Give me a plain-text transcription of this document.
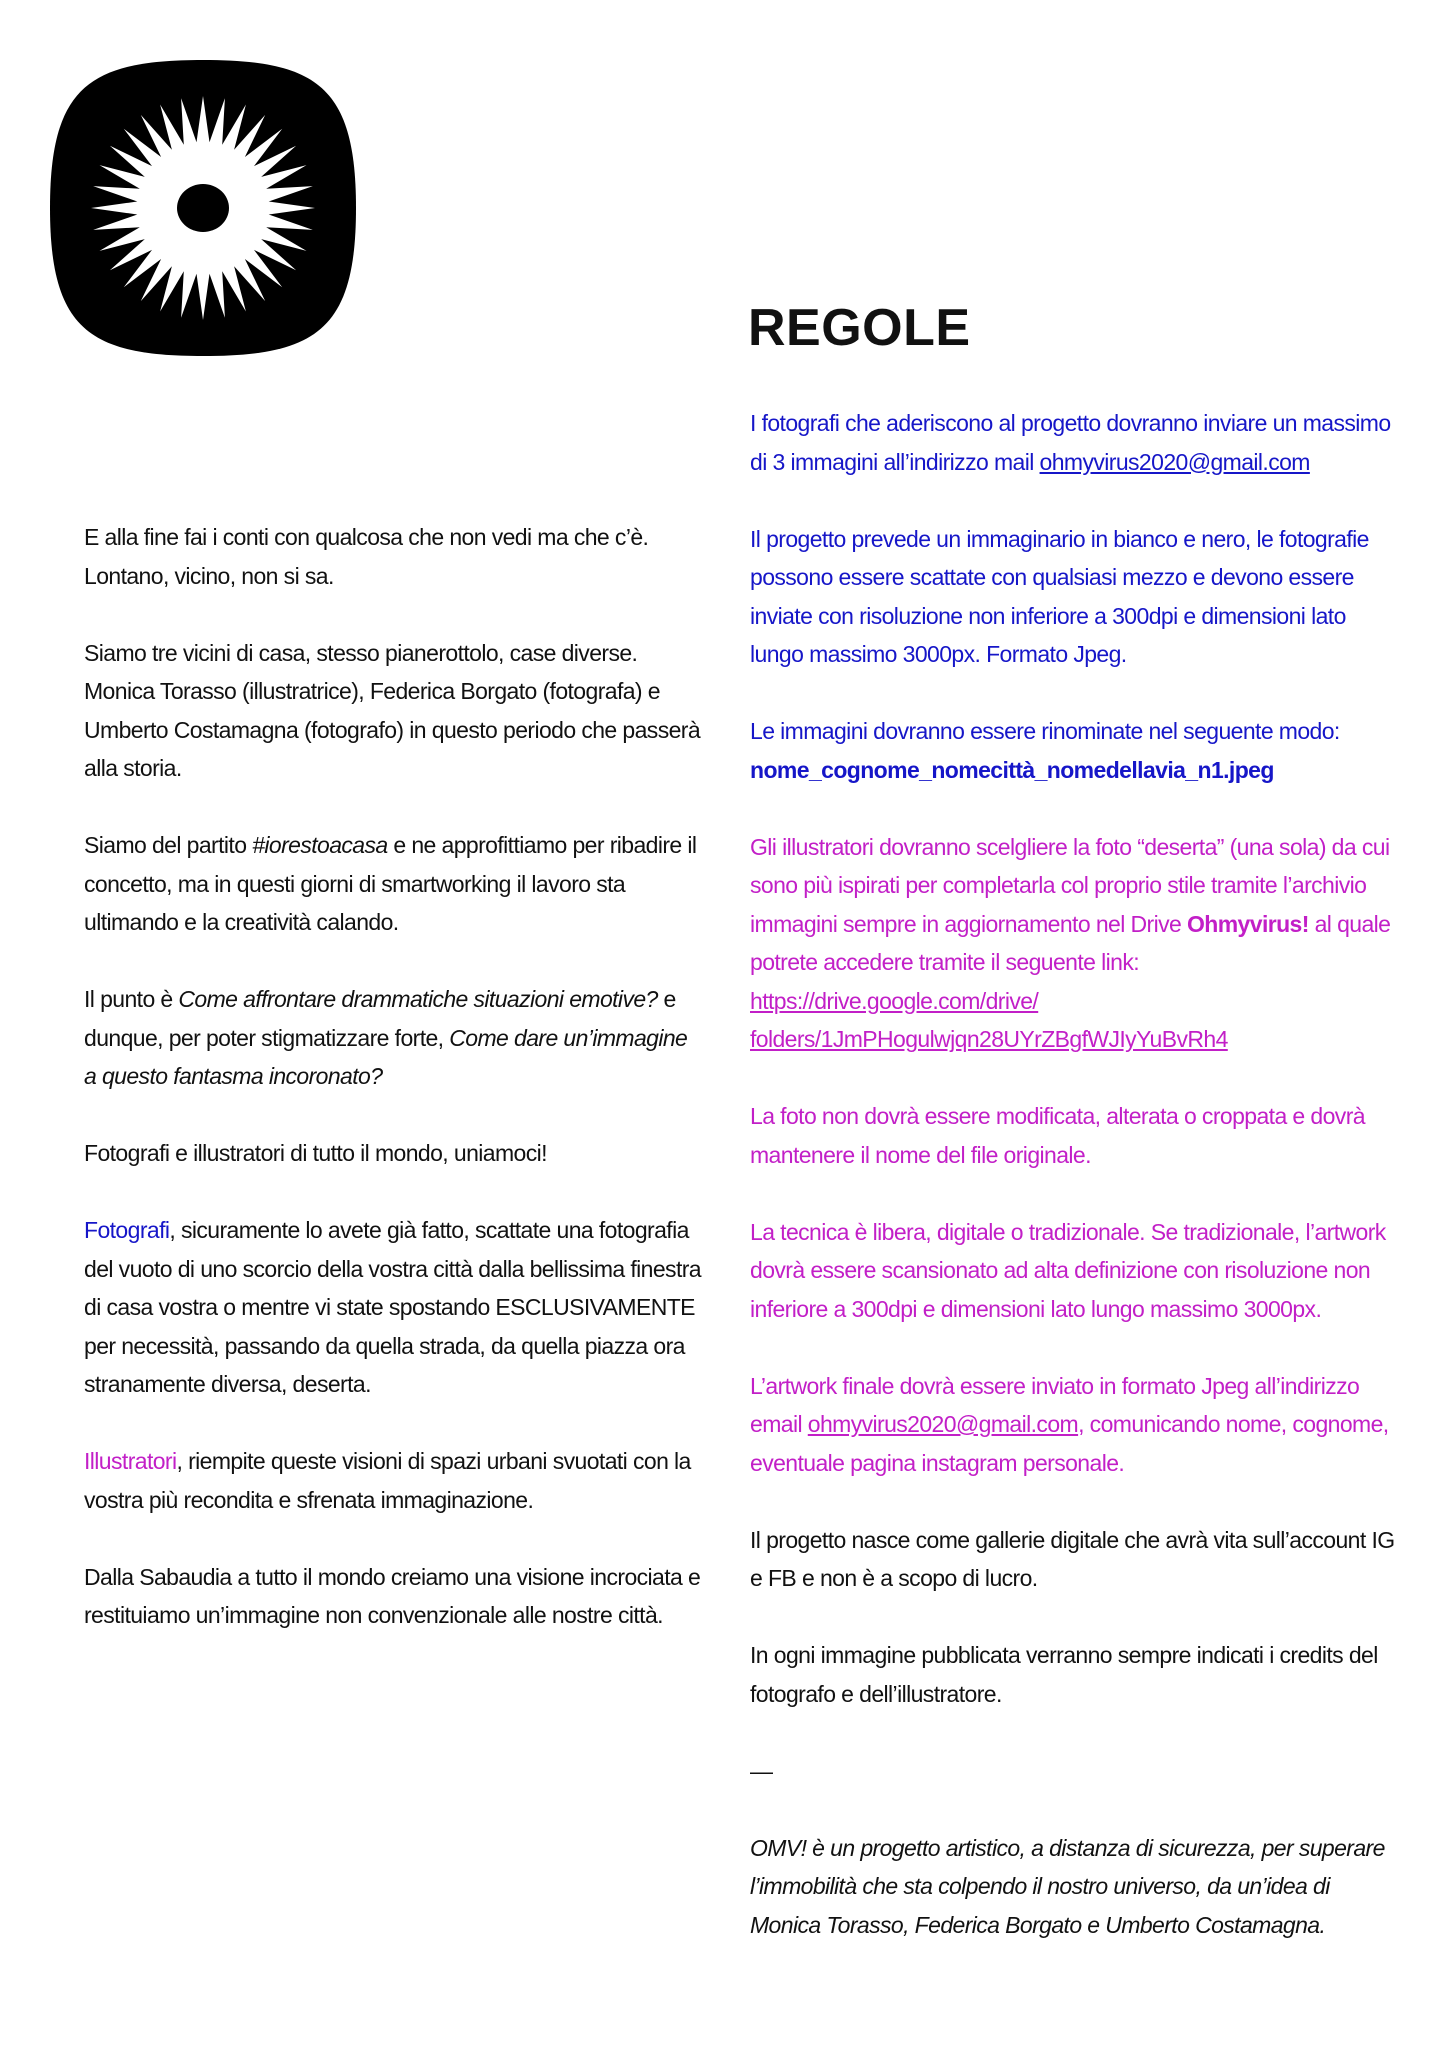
E alla fine fai i conti con qualcosa che non vedi ma che c’è.
Lontano, vicino, non si sa.

Siamo tre vicini di casa, stesso pianerottolo, case diverse. Monica Torasso (illustratrice), Federica Borgato (fotografa) e Umberto Costamagna (fotografo) in questo periodo che passerà alla storia.

Siamo del partito #iorestoacasa e ne approfittiamo per ribadire il concetto, ma in questi giorni di smartworking il lavoro sta ultimando e la creatività calando.

Il punto è Come affrontare drammatiche situazioni emotive? e dunque, per poter stigmatizzare forte, Come dare un’immagine a questo fantasma incoronato?

Fotografi e illustratori di tutto il mondo, uniamoci!

Fotografi, sicuramente lo avete già fatto, scattate una fotografia del vuoto di uno scorcio della vostra città dalla bellissima finestra di casa vostra o mentre vi state spostando ESCLUSIVAMENTE per necessità, passando da quella strada, da quella piazza ora stranamente diversa, deserta.

Illustratori, riempite queste visioni di spazi urbani svuotati con la vostra più recondita e sfrenata immaginazione.

Dalla Sabaudia a tutto il mondo creiamo una visione incrociata e restituiamo un’immagine non convenzionale alle nostre città.

REGOLE

I fotografi che aderiscono al progetto dovranno inviare un massimo di 3 immagini all’indirizzo mail ohmyvirus2020@gmail.com

Il progetto prevede un immaginario in bianco e nero, le fotografie possono essere scattate con qualsiasi mezzo e devono essere inviate con risoluzione non inferiore a 300dpi e dimensioni lato lungo massimo 3000px. Formato Jpeg.

Le immagini dovranno essere rinominate nel seguente modo:
nome_cognome_nomecittà_nomedellavia_n1.jpeg

Gli illustratori dovranno scelgliere la foto “deserta” (una sola) da cui sono più ispirati per completarla col proprio stile tramite l’archivio immagini sempre in aggiornamento nel Drive Ohmyvirus! al quale potrete accedere tramite il seguente link:
https://drive.google.com/drive/
folders/1JmPHogulwjqn28UYrZBgfWJIyYuBvRh4

La foto non dovrà essere modificata, alterata o croppata e dovrà mantenere il nome del file originale.

La tecnica è libera, digitale o tradizionale. Se tradizionale, l’artwork dovrà essere scansionato ad alta definizione con risoluzione non inferiore a 300dpi e dimensioni lato lungo massimo 3000px.

L’artwork finale dovrà essere inviato in formato Jpeg all’indirizzo email ohmyvirus2020@gmail.com, comunicando nome, cognome, eventuale pagina instagram personale.

Il progetto nasce come gallerie digitale che avrà vita sull’account IG e FB e non è a scopo di lucro.

In ogni immagine pubblicata verranno sempre indicati i credits del fotografo e dell’illustratore.

—

OMV! è un progetto artistico, a distanza di sicurezza, per superare l’immobilità che sta colpendo il nostro universo, da un’idea di Monica Torasso, Federica Borgato e Umberto Costamagna.
